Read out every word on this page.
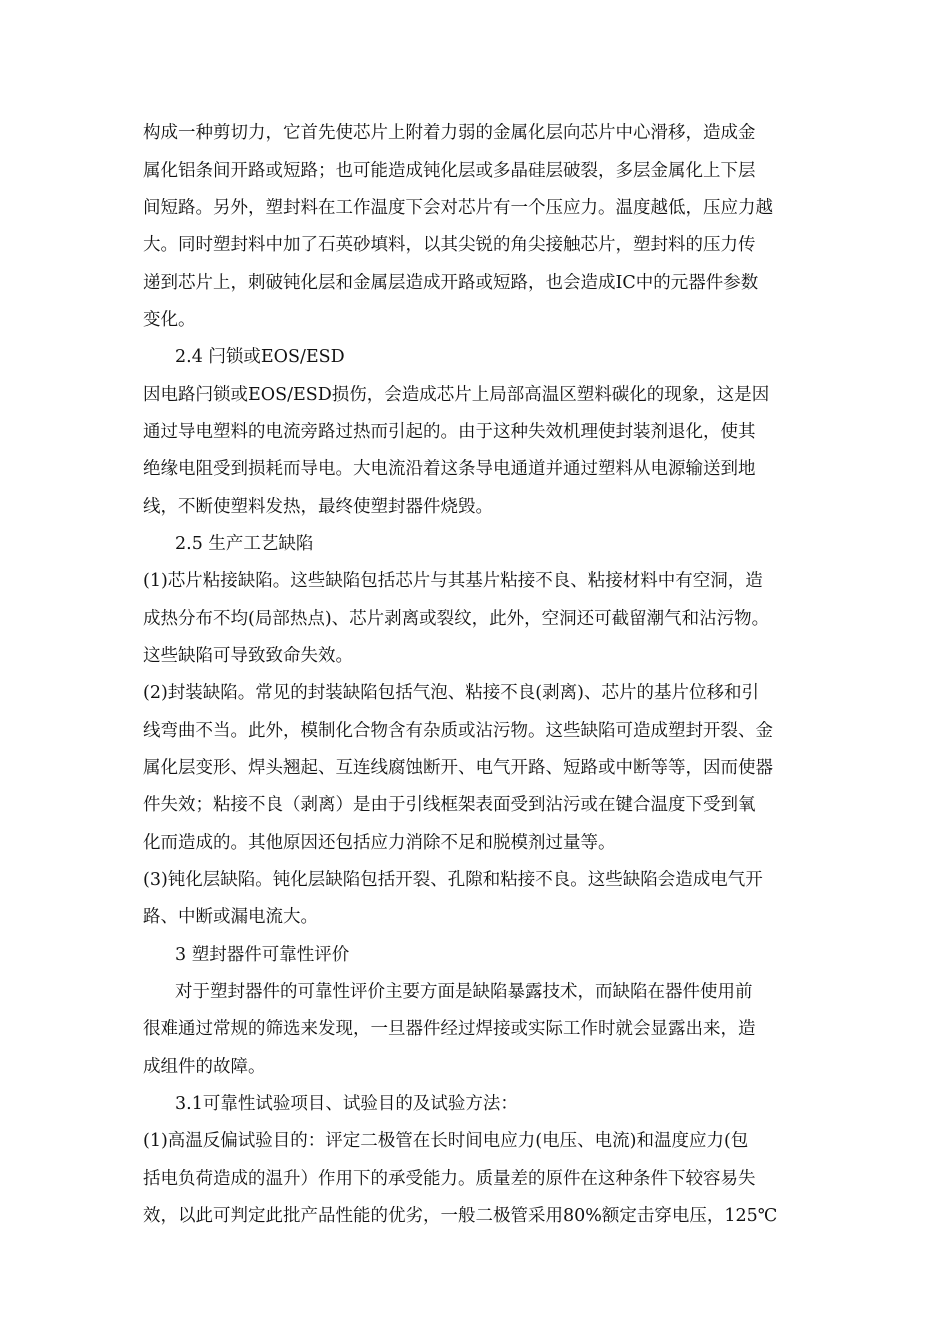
构成一种剪切力，它首先使芯片上附着力弱的金属化层向芯片中心滑移，造成金
属化铝条间开路或短路；也可能造成钝化层或多晶硅层破裂，多层金属化上下层
间短路。另外，塑封料在工作温度下会对芯片有一个压应力。温度越低，压应力越
大。同时塑封料中加了石英砂填料，以其尖锐的角尖接触芯片，塑封料的压力传
递到芯片上，刺破钝化层和金属层造成开路或短路，也会造成IC中的元器件参数
变化。
2.4 闩锁或EOS/ESD
因电路闩锁或EOS/ESD损伤，会造成芯片上局部高温区塑料碳化的现象，这是因
通过导电塑料的电流旁路过热而引起的。由于这种失效机理使封装剂退化，使其
绝缘电阻受到损耗而导电。大电流沿着这条导电通道并通过塑料从电源输送到地
线，不断使塑料发热，最终使塑封器件烧毁。
2.5 生产工艺缺陷
(1)芯片粘接缺陷。这些缺陷包括芯片与其基片粘接不良、粘接材料中有空洞，造
成热分布不均(局部热点)、芯片剥离或裂纹，此外，空洞还可截留潮气和沾污物。
这些缺陷可导致致命失效。
(2)封装缺陷。常见的封装缺陷包括气泡、粘接不良(剥离)、芯片的基片位移和引
线弯曲不当。此外，模制化合物含有杂质或沾污物。这些缺陷可造成塑封开裂、金
属化层变形、焊头翘起、互连线腐蚀断开、电气开路、短路或中断等等，因而使器
件失效；粘接不良（剥离）是由于引线框架表面受到沾污或在键合温度下受到氧
化而造成的。其他原因还包括应力消除不足和脱模剂过量等。
(3)钝化层缺陷。钝化层缺陷包括开裂、孔隙和粘接不良。这些缺陷会造成电气开
路、中断或漏电流大。
3 塑封器件可靠性评价
对于塑封器件的可靠性评价主要方面是缺陷暴露技术，而缺陷在器件使用前
很难通过常规的筛选来发现，一旦器件经过焊接或实际工作时就会显露出来，造
成组件的故障。
3.1可靠性试验项目、试验目的及试验方法：
(1)高温反偏试验目的：评定二极管在长时间电应力(电压、电流)和温度应力(包
括电负荷造成的温升）作用下的承受能力。质量差的原件在这种条件下较容易失
效，以此可判定此批产品性能的优劣，一般二极管采用80%额定击穿电压，125℃
